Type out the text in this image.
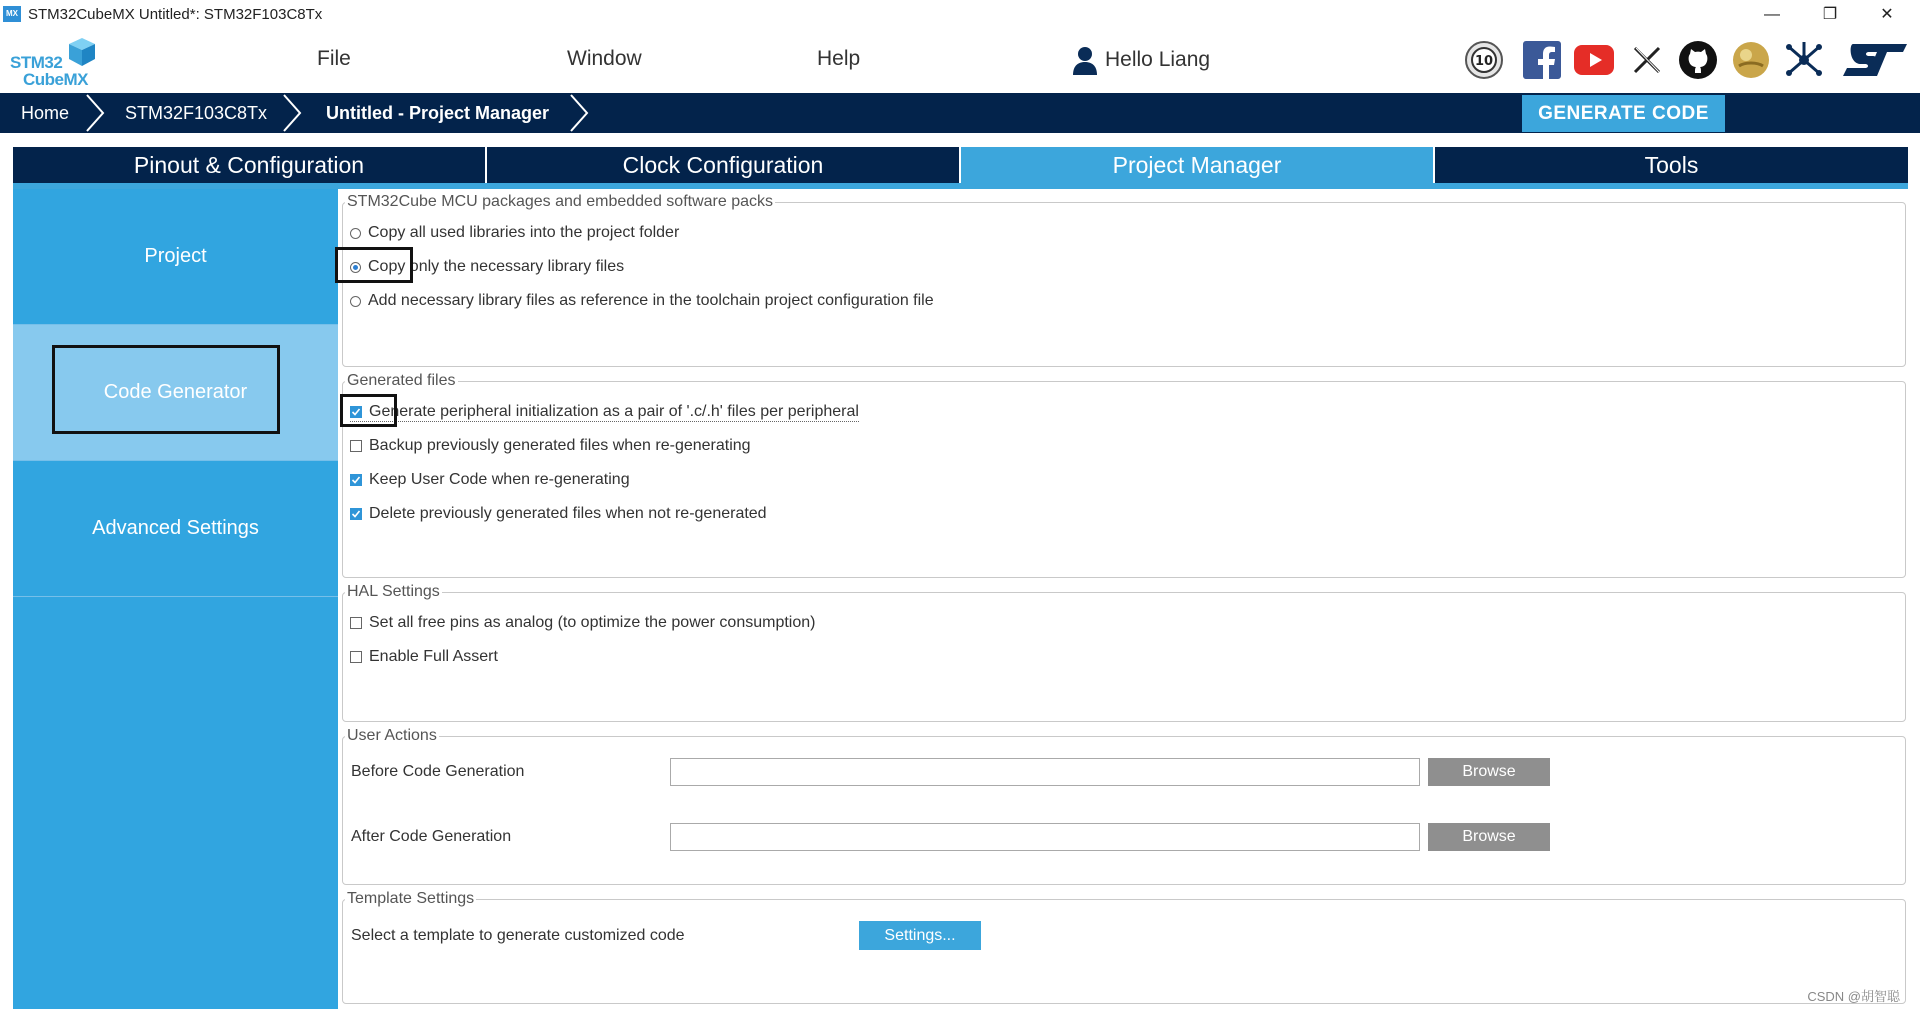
MX STM32CubeMX Untitled*: STM32F103C8Tx	—	❐	✕
STM32
CubeMX
File	Window	Help	Hello Liang	10
Home	STM32F103C8Tx	Untitled - Project Manager	GENERATE CODE
Pinout & Configuration	Clock Configuration	Project Manager	Tools
Project
Code Generator
Advanced Settings
STM32Cube MCU packages and embedded software packs
Copy all used libraries into the project folder
Copy only the necessary library files
Add necessary library files as reference in the toolchain project configuration file
Generated files
Generate peripheral initialization as a pair of '.c/.h' files per peripheral
Backup previously generated files when re-generating
Keep User Code when re-generating
Delete previously generated files when not re-generated
HAL Settings
Set all free pins as analog (to optimize the power consumption)
Enable Full Assert
User Actions
Before Code Generation	Browse
After Code Generation	Browse
Template Settings
Select a template to generate customized code	Settings...
CSDN @胡智聪
